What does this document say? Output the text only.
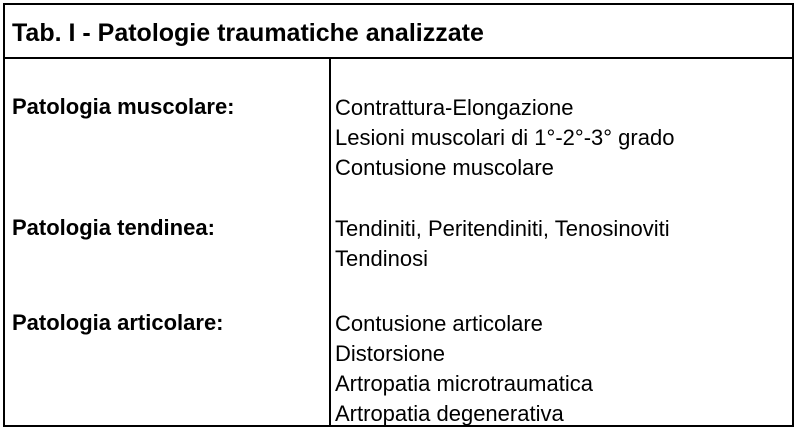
Tab. I - Patologie traumatiche analizzate
Patologia muscolare:	Contrattura-Elongazione
Lesioni muscolari di 1°-2°-3° grado
Contusione muscolare
Patologia tendinea:	Tendiniti, Peritendiniti, Tenosinoviti
Tendinosi
Patologia articolare:	Contusione articolare
Distorsione
Artropatia microtraumatica
Artropatia degenerativa
